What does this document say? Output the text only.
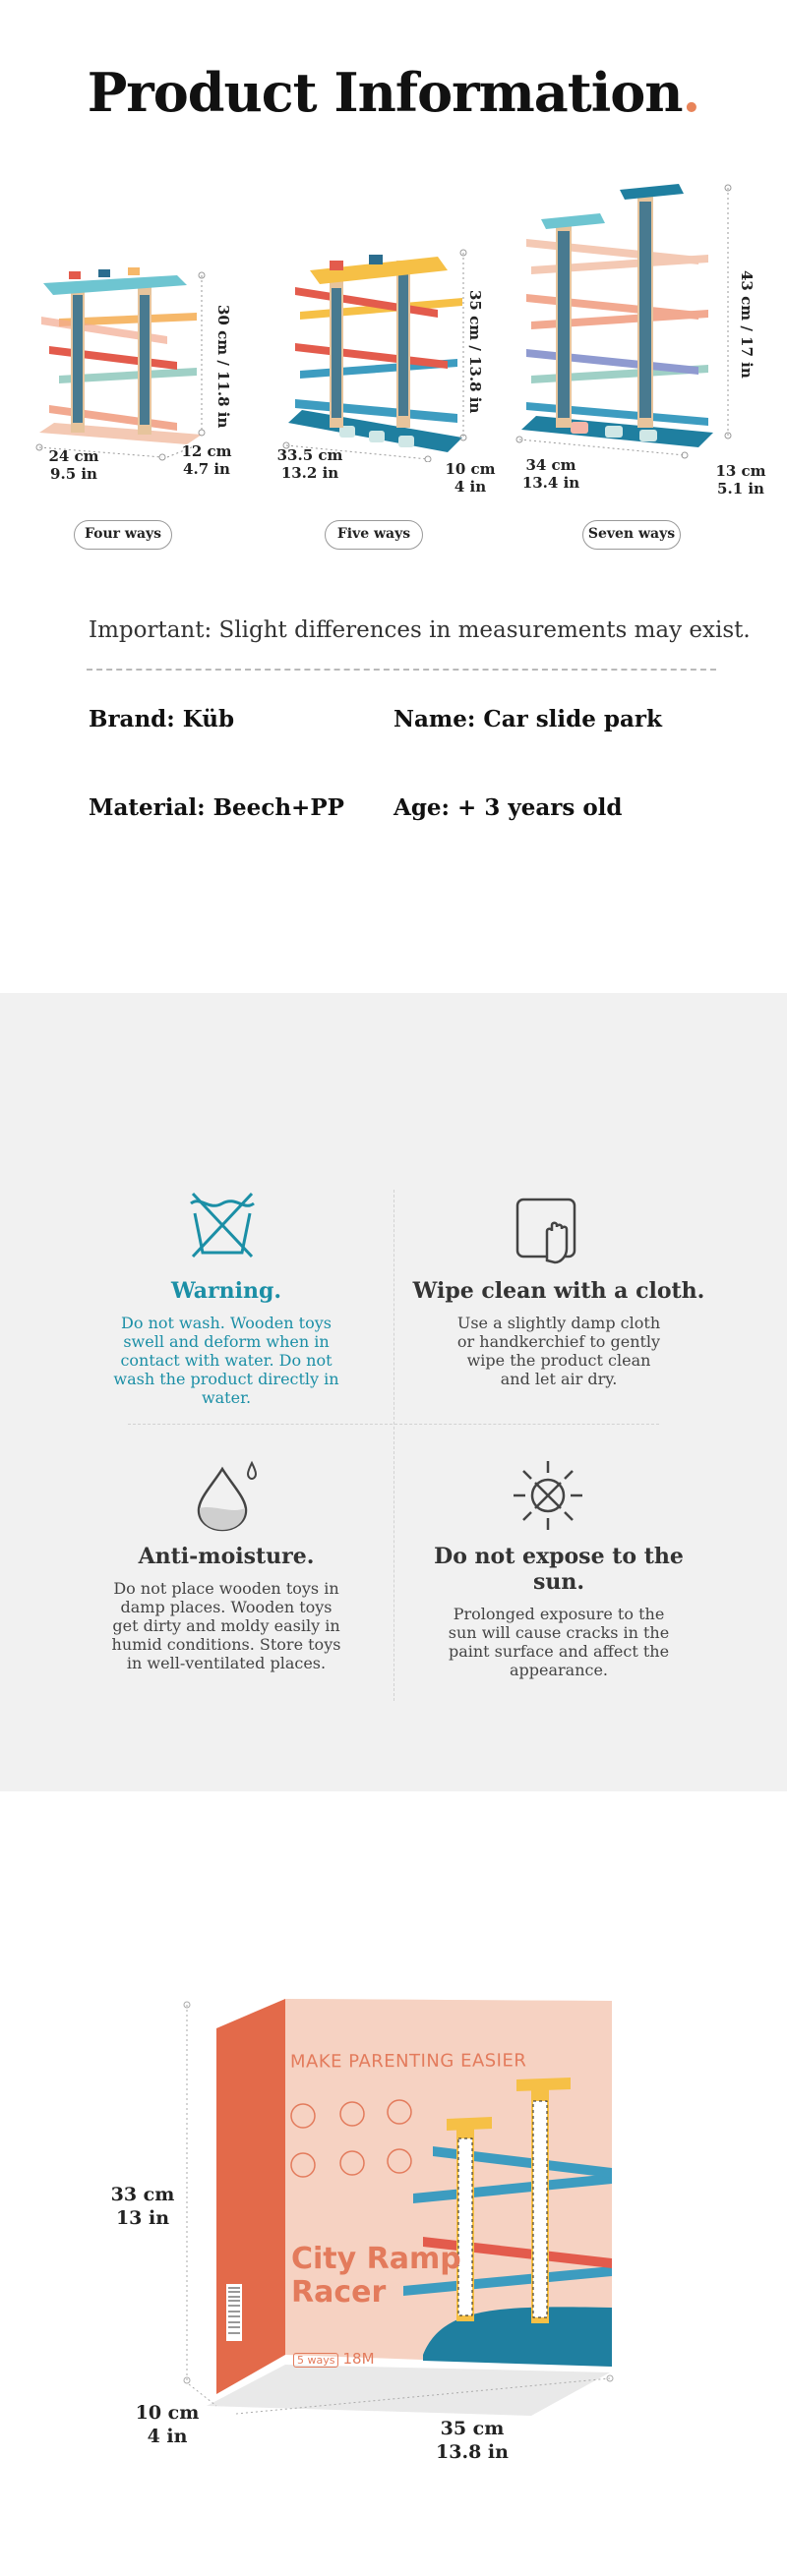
Product Information.
30 cm / 11.8 in
24 cm
9.5 in
12 cm
4.7 in
Four ways
35 cm / 13.8 in
33.5 cm
13.2 in	10 cm
4 in
Five ways
43 cm / 17 in
34 cm
13.4 in
13 cm
5.1 in
Seven ways
Important: Slight differences in measurements may exist.
Brand: Küb	Name: Car slide park
Material: Beech+PP Age: + 3 years old
Warning.
Do not wash. Wooden toys swell and deform when in contact with water. Do not wash the product directly in water.
Wipe clean with a cloth.
Use a slightly damp cloth or handkerchief to gently wipe the product clean and let air dry.
Anti-moisture.
Do not place wooden toys in damp places. Wooden toys get dirty and moldy easily in humid conditions. Store toys in well-ventilated places.
Do not expose to the sun.
Prolonged exposure to the sun will cause cracks in the paint surface and affect the appearance.
MAKE PARENTING EASIER
City Ramp
Racer
5 ways 18M
33 cm
13 in
10 cm
4 in	35 cm
13.8 in
